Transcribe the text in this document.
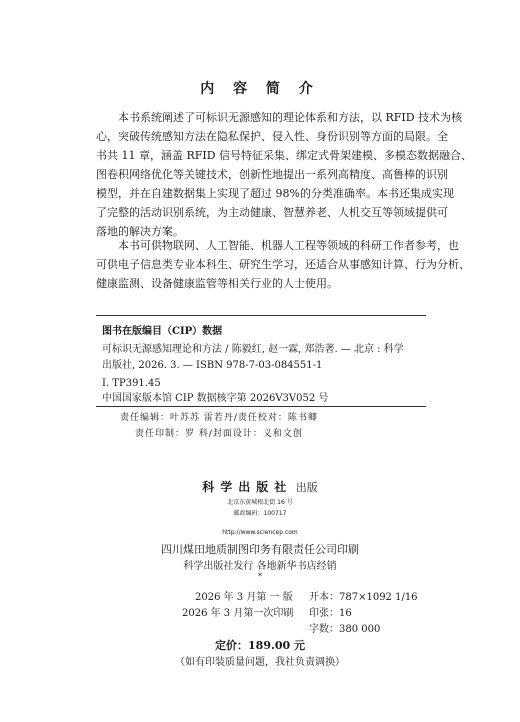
内 容 简 介

本书系统阐述了可标识无源感知的理论体系和方法，以 RFID 技术为核
心，突破传统感知方法在隐私保护、侵入性、身份识别等方面的局限。全
书共 11 章，涵盖 RFID 信号特征采集、绑定式骨架建模、多模态数据融合、
图卷积网络优化等关键技术，创新性地提出一系列高精度、高鲁棒的识别
模型，并在自建数据集上实现了超过 98%的分类准确率。本书还集成实现
了完整的活动识别系统，为主动健康、智慧养老、人机交互等领域提供可
落地的解决方案。

本书可供物联网、人工智能、机器人工程等领域的科研工作者参考，也
可供电子信息类专业本科生、研究生学习，还适合从事感知计算、行为分析、
健康监测、设备健康监管等相关行业的人士使用。

图书在版编目（CIP）数据

可标识无源感知理论和方法 / 陈毅红, 赵一霖, 郑浩著. — 北京 : 科学
出版社, 2026. 3. — ISBN 978-7-03-084551-1

I. TP391.45

中国国家版本馆 CIP 数据核字第 2026V3V052 号

责任编辑：叶苏苏 雷若丹/责任校对：陈书卿
责任印制：罗 科/封面设计：义和文创
科学出版社 出版
北京东黄城根北街 16 号
邮政编码：100717
http://www.sciencep.com
四川煤田地质制图印务有限责任公司印刷
科学出版社发行 各地新华书店经销
*
2026 年 3 月第 一 版 开本：787×1092 1/16
2026 年 3 月第一次印刷 印张：16
字数：380 000
定价：189.00 元
（如有印装质量问题，我社负责调换）
